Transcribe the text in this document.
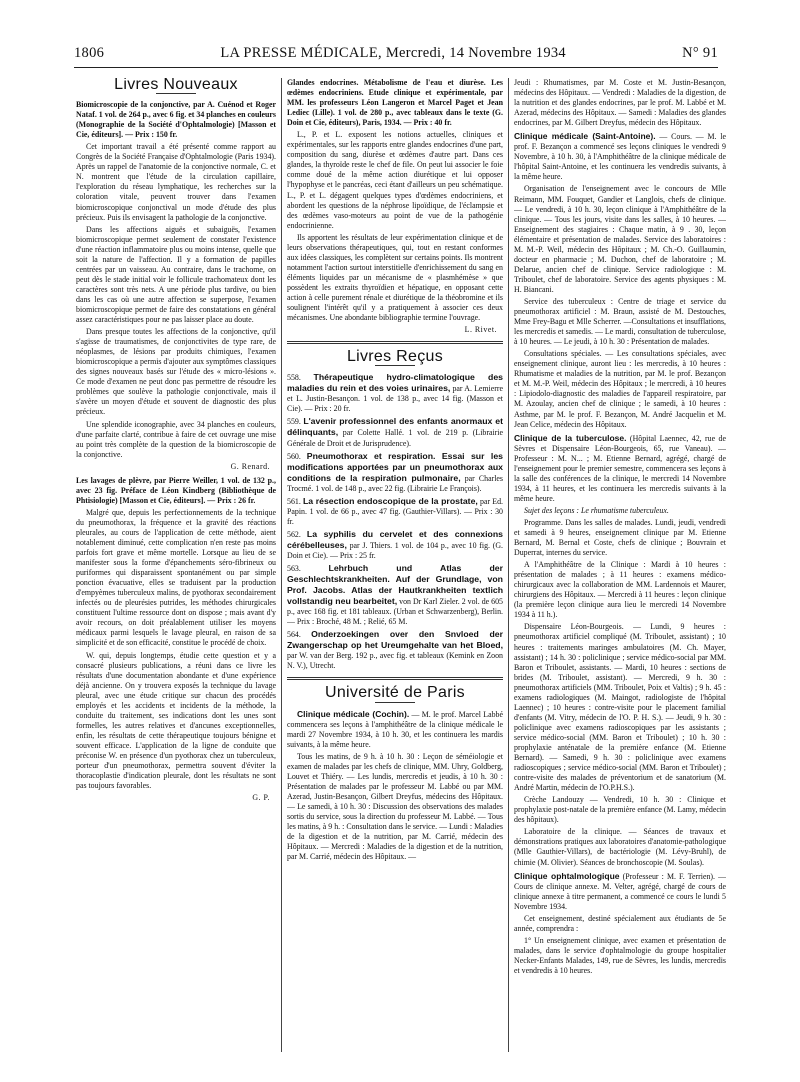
1806	LA PRESSE MÉDICALE, Mercredi, 14 Novembre 1934	N° 91
Livres Nouveaux

Biomicroscopie de la conjonctive, par A. Cuénod et Roger Nataf. 1 vol. de 264 p., avec 6 fig. et 34 planches en couleurs (Monographie de la Société d'Ophtalmologie) [Masson et Cie, éditeurs]. — Prix : 150 fr.

Cet important travail a été présenté comme rapport au Congrès de la Société Française d'Ophtalmologie (Paris 1934). Après un rappel de l'anatomie de la conjonctive normale, C. et N. montrent que l'étude de la circulation capillaire, l'exploration du réseau lymphatique, les recherches sur la coloration vitale, peuvent trouver dans l'examen biomicroscopique conjonctival un mode d'étude des plus précieux. Puis ils envisagent la pathologie de la conjonctive.

Dans les affections aiguës et subaiguës, l'examen biomicroscopique permet seulement de constater l'existence d'une réaction inflammatoire plus ou moins intense, quelle que soit la nature de l'affection. Il y a formation de papilles centrées par un vaisseau. Au contraire, dans le trachome, on peut dès le stade initial voir le follicule trachomateux dont les caractères sont très nets. A une période plus tardive, ou bien dans les cas où une autre affection se superpose, l'examen biomicroscopique permet de faire des constatations en général assez caractéristiques pour ne pas laisser place au doute.

Dans presque toutes les affections de la conjonctive, qu'il s'agisse de traumatismes, de conjonctivites de type rare, de néoplasmes, de lésions par produits chimiques, l'examen biomicroscopique a permis d'ajouter aux symptômes classiques des signes nouveaux basés sur l'étude des « micro-lésions ». Ce mode d'examen ne peut donc pas permettre de résoudre les problèmes que soulève la pathologie conjonctivale, mais il s'avère un moyen d'étude et souvent de diagnostic des plus précieux.

Une splendide iconographie, avec 34 planches en couleurs, d'une parfaite clarté, contribue à faire de cet ouvrage une mise au point très complète de la question de la biomicroscopie de la conjonctive.

G. Renard.

Les lavages de plèvre, par Pierre Weiller, 1 vol. de 132 p., avec 23 fig. Préface de Léon Kindberg (Bibliothèque de Phtisiologie) [Masson et Cie, éditeurs]. — Prix : 26 fr.

Malgré que, depuis les perfectionnements de la technique du pneumothorax, la fréquence et la gravité des réactions pleurales, au cours de l'application de cette méthode, aient notablement diminué, cette complication n'en reste pas moins parfois fort grave et même mortelle. Lorsque au lieu de se manifester sous la forme d'épanchements séro-fibrineux ou puriformes qui disparaissent spontanément ou par simple ponction évacuative, elles se traduisent par la production d'empyèmes tuberculeux malins, de pyothorax secondairement infectés ou de pleurésies putrides, les méthodes chirurgicales constituent l'ultime ressource dont on dispose ; mais avant d'y avoir recours, on doit préalablement utiliser les moyens médicaux parmi lesquels le lavage pleural, en raison de sa simplicité et de son efficacité, constitue le procédé de choix.

W. qui, depuis longtemps, étudie cette question et y a consacré plusieurs publications, a réuni dans ce livre les résultats d'une documentation abondante et d'une expérience déjà ancienne. On y trouvera exposés la technique du lavage pleural, avec une étude critique sur chacun des procédés employés et les accidents et incidents de la méthode, la conduite du traitement, ses indications dont les unes sont formelles, les autres relatives et d'ancunes exceptionnelles, enfin, les résultats de cette thérapeutique toujours bénigne et souvent efficace. L'application de la ligne de conduite que préconise W. en présence d'un pyothorax chez un tuberculeux, porteur d'un pneumothorax, permettra souvent d'éviter la thoracoplastie d'indication pleurale, dont les résultats ne sont pas toujours favorables.

G. P.

Glandes endocrines. Métabolisme de l'eau et diurèse. Les œdèmes endocriniens. Etude clinique et expérimentale, par MM. les professeurs Léon Langeron et Marcel Paget et Jean Lediec (Lille). 1 vol. de 280 p., avec tableaux dans le texte (G. Doin et Cie, éditeurs), Paris, 1934. — Prix : 40 fr.

L., P. et L. exposent les notions actuelles, cliniques et expérimentales, sur les rapports entre glandes endocrines d'une part, composition du sang, diurèse et œdèmes d'autre part. Dans ces glandes, la thyroïde reste le chef de file. On peut lui associer le foie comme doué de la même action diurétique et lui opposer l'hypophyse et le pancréas, ceci étant d'ailleurs un peu schématique. L., P. et L. dégagent quelques types d'œdèmes endocriniens, et abordent les questions de la néphrose lipoïdique, de l'éclampsie et des œdèmes vaso-moteurs au point de vue de la pathogénie endocrinienne.

Ils apportent les résultats de leur expérimentation clinique et de leurs observations thérapeutiques, qui, tout en restant conformes aux idées classiques, les complètent sur certains points. Ils montrent notamment l'action surtout interstitielle d'enrichissement du sang en éléments liquides par un mécanisme de « plasmhémèse » que possèdent les extraits thyroïdien et hépatique, en opposant cette action à celle purement rénale et diurétique de la théobromine et ils soulignent l'intérêt qu'il y a pratiquement à associer ces deux mécanismes. Une abondante bibliographie termine l'ouvrage.

L. Rivet.
Livres Reçus
558. Thérapeutique hydro-climatologique des maladies du rein et des voies urinaires, par A. Lemierre et L. Justin-Besançon. 1 vol. de 138 p., avec 14 fig. (Masson et Cie). — Prix : 20 fr.
559. L'avenir professionnel des enfants anormaux et délinquants, par Colette Hallé. 1 vol. de 219 p. (Librairie Générale de Droit et de Jurisprudence).
560. Pneumothorax et respiration. Essai sur les modifications apportées par un pneumothorax aux conditions de la respiration pulmonaire, par Charles Trocmé. 1 vol. de 148 p., avec 22 fig. (Librairie Le François).
561. La résection endoscopique de la prostate, par Ed. Papin. 1 vol. de 66 p., avec 47 fig. (Gauthier-Villars). — Prix : 30 fr.
562. La syphilis du cervelet et des connexions cérébelleuses, par J. Thiers. 1 vol. de 104 p., avec 10 fig. (G. Doin et Cie). — Prix : 25 fr.
563.	Lehrbuch und Atlas der Geschlechtskrankheiten. Auf der Grundlage, von Prof. Jacobs. Atlas der Hautkrankheiten textlich vollstandig neu bearbeitet, von Dr Karl Zieler. 2 vol. de 605 p., avec 168 fig. et 181 tableaux. (Urban et Schwarzenberg), Berlin. — Prix : Broché, 48 M. ; Relié, 65 M.
564. Onderzoekingen over den Snvloed der Zwangerschap op het Ureumgehalte van het Bloed, par W. van der Berg. 192 p., avec fig. et tableaux (Kemink en Zoon N. V.), Utrecht.
Université de Paris

Clinique médicale (Cochin). — M. le prof. Marcel Labbé commencera ses leçons à l'amphithéâtre de la clinique médicale le mardi 27 Novembre 1934, à 10 h. 30, et les continuera les mardis suivants, à la même heure.

Tous les matins, de 9 h. à 10 h. 30 : Leçon de séméiologie et examen de malades par les chefs de clinique, MM. Uhry, Goldberg, Louvet et Thiéry. — Les lundis, mercredis et jeudis, à 10 h. 30 : Présentation de malades par le professeur M. Labbé ou par MM. Azerad, Justin-Besançon, Gilbert Dreyfus, médecins des Hôpitaux. — Le samedi, à 10 h. 30 : Discussion des observations des malades sortis du service, sous la direction du professeur M. Labbé. — Tous les matins, à 9 h. : Consultation dans le service. — Lundi : Maladies de la digestion et de la nutrition, par M. Carrié, médecin des Hôpitaux. — Mercredi : Maladies de la digestion et de la nutrition, par M. Carrié, médecin des Hôpitaux. —

Jeudi : Rhumatismes, par M. Coste et M. Justin-Besançon, médecins des Hôpitaux. — Vendredi : Maladies de la digestion, de la nutrition et des glandes endocrines, par le prof. M. Labbé et M. Azerad, médecins des Hôpitaux. — Samedi : Maladies des glandes endocrines, par M. Gilbert Dreyfus, médecin des Hôpitaux.

Clinique médicale (Saint-Antoine). — Cours. — M. le prof. F. Bezançon a commencé ses leçons cliniques le vendredi 9 Novembre, à 10 h. 30, à l'Amphithéâtre de la clinique médicale de l'hôpital Saint-Antoine, et les continuera les vendredis suivants, à la même heure.

Organisation de l'enseignement avec le concours de Mlle Reimann, MM. Fouquet, Gandier et Langlois, chefs de clinique. — Le vendredi, à 10 h. 30, leçon clinique à l'Amphithéâtre de la clinique. — Tous les jours, visite dans les salles, à 10 heures. — Enseignement des stagiaires : Chaque matin, à 9 . 30, leçon élémentaire et présentation de malades. Service des laboratoires : M. M.-P. Weil, médecin des Hôpitaux ; M. Ch.-O. Guillaumin, docteur en pharmacie ; M. Duchon, chef de laboratoire ; M. Delarue, ancien chef de clinique. Service radiologique : M. Triboulet, chef de laboratoire. Service des agents physiques : M. H. Biancani.

Service des tuberculeux : Centre de triage et service du pneumothorax artificiel : M. Braun, assisté de M. Destouches, Mme Frey-Bagu et Mlle Scherrer. —Consultations et insufflations, les mercredis et samedis. — Le mardi, consultation de tuberculose, à 10 heures. — Le jeudi, à 10 h. 30 : Présentation de malades.

Consultations spéciales. — Les consultations spéciales, avec enseignement clinique, auront lieu : les mercredis, à 10 heures : Rhumatisme et maladies de la nutrition, par M. le prof. Bezançon et M. M.-P. Weil, médecin des Hôpitaux ; le mercredi, à 10 heures : Lipiodolo-diagnostic des maladies de l'appareil respiratoire, par M. Azoulay, ancien chef de clinique ; le samedi, à 10 heures : Asthme, par M. le prof. F. Bezançon, M. André Jacquelin et M. Jean Celice, médecin des Hôpitaux.

Clinique de la tuberculose. (Hôpital Laennec, 42, rue de Sèvres et Dispensaire Léon-Bourgeois, 65, rue Vaneau). — Professeur : M. N... ; M. Etienne Bernard, agrégé, chargé de l'enseignement pour le premier semestre, commencera ses leçons à la salle des conférences de la clinique, le mercredi 14 Novembre 1934, à 11 heures, et les continuera les mercredis suivants à la même heure.

Sujet des leçons : Le rhumatisme tuberculeux.

Programme. Dans les salles de malades. Lundi, jeudi, vendredi et samedi à 9 heures, enseignement clinique par M. Etienne Bernard, M. Bernal et Coste, chefs de clinique ; Bouvrain et Duperrat, internes du service.

A l'Amphithéâtre de la Clinique : Mardi à 10 heures : présentation de malades ; à 11 heures : examens médico-chirurgicaux avec la collaboration de MM. Lardennois et Maurer, chirurgiens des Hôpitaux. — Mercredi à 11 heures : leçon clinique (la première leçon clinique aura lieu le mercredi 14 Novembre 1934 à 11 h.).

Dispensaire Léon-Bourgeois. — Lundi, 9 heures : pneumothorax artificiel compliqué (M. Triboulet, assistant) ; 10 heures : traitements maringes ambulatoires (M. Ch. Mayer, assistant) ; 14 h. 30 : policlinique ; service médico-social par MM. Baron et Triboulet, assistants. — Mardi, 10 heures : sections de brides (M. Triboulet, assistant). — Mercredi, 9 h. 30 : pneumothorax artificiels (MM. Triboulet, Poix et Valtis) ; 9 h. 45 : examens radiologiques (M. Maingot, radiologiste de l'hôpital Laennec) ; 10 heures : contre-visite pour le placement familial d'enfants (M. Vitry, médecin de l'O. P. H. S.). — Jeudi, 9 h. 30 : policlinique avec examens radioscopiques par les assistants ; service médico-social (MM. Baron et Triboulet) ; 10 h. 30 : prophylaxie anténatale de la première enfance (M. Etienne Bernard). — Samedi, 9 h. 30 : policlinique avec examens radioscopiques ; service médico-social (MM. Baron et Triboulet) ; contre-visite des malades de préventorium et de sanatorium (M. André Martin, médecin de l'O.P.H.S.).

Crèche Landouzy — Vendredi, 10 h. 30 : Clinique et prophylaxie post-natale de la première enfance (M. Lamy, médecin des hôpitaux).

Laboratoire de la clinique. — Séances de travaux et démonstrations pratiques aux laboratoires d'anatomie-pathologique (Mlle Gauthier-Villars), de bactériologie (M. Lévy-Bruhl), de chimie (M. Olivier). Séances de bronchoscopie (M. Soulas).

Clinique ophtalmologique (Professeur : M. F. Terrien). — Cours de clinique annexe. M. Velter, agrégé, chargé de cours de clinique annexe à titre permanent, a commencé ce cours le lundi 5 Novembre 1934.

Cet enseignement, destiné spécialement aux étudiants de 5e année, comprendra :

1° Un enseignement clinique, avec examen et présentation de malades, dans le service d'ophtalmologie du groupe hospitalier Necker-Enfants Malades, 149, rue de Sèvres, les lundis, mercredis et vendredis à 10 heures.
